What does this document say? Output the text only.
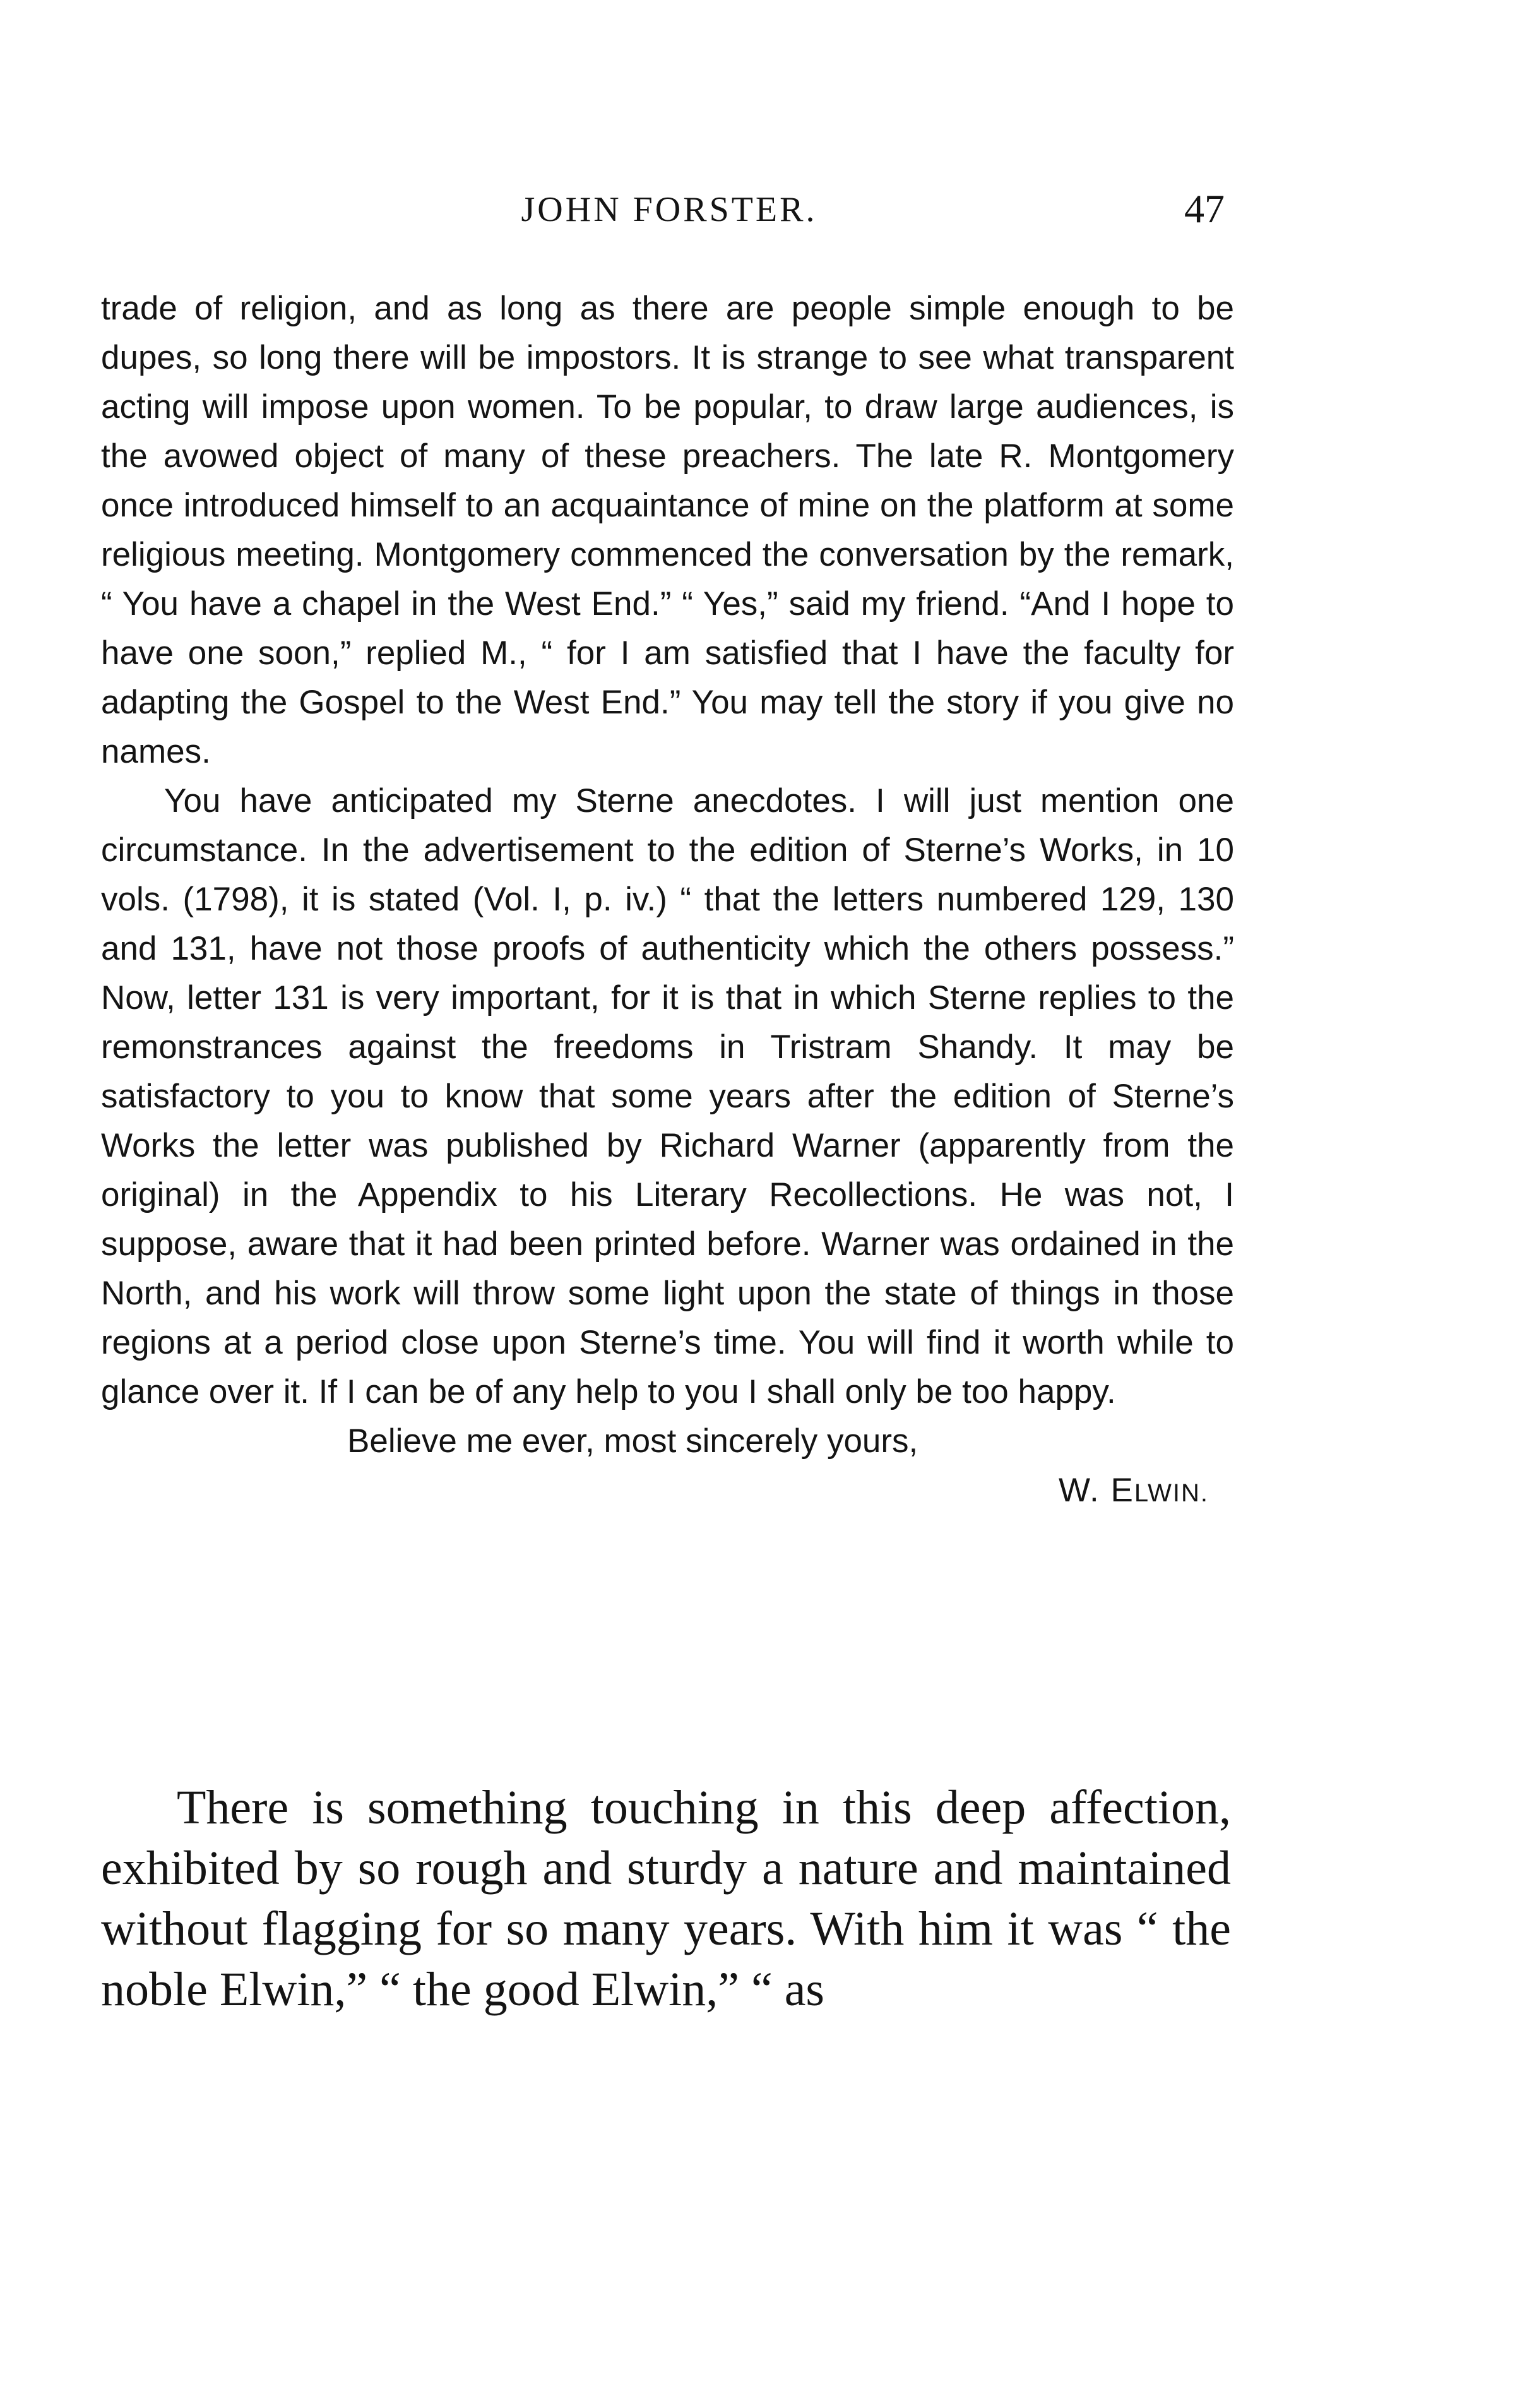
JOHN FORSTER.	47

trade of religion, and as long as there are people simple enough to be dupes, so long there will be impostors. It is strange to see what transparent acting will impose upon women. To be popular, to draw large audiences, is the avowed object of many of these preachers. The late R. Montgomery once introduced himself to an acquaintance of mine on the platform at some religious meeting. Montgomery commenced the conversation by the remark, “ You have a chapel in the West End.” “ Yes,” said my friend. “And I hope to have one soon,” replied M., “ for I am satisfied that I have the faculty for adapting the Gospel to the West End.” You may tell the story if you give no names.

You have anticipated my Sterne anecdotes. I will just mention one circumstance. In the advertisement to the edition of Sterne’s Works, in 10 vols. (1798), it is stated (Vol. I, p. iv.) “ that the letters numbered 129, 130 and 131, have not those proofs of authenticity which the others possess.” Now, letter 131 is very important, for it is that in which Sterne replies to the remonstrances against the freedoms in Tristram Shandy. It may be satisfactory to you to know that some years after the edition of Sterne’s Works the letter was published by Richard Warner (apparently from the original) in the Appendix to his Literary Recollections. He was not, I suppose, aware that it had been printed before. Warner was ordained in the North, and his work will throw some light upon the state of things in those regions at a period close upon Sterne’s time. You will find it worth while to glance over it. If I can be of any help to you I shall only be too happy.

Believe me ever, most sincerely yours,

W. ELWIN.

There is something touching in this deep affection, exhibited by so rough and sturdy a nature and maintained without flagging for so many years. With him it was “ the noble Elwin,” “ the good Elwin,” “ as
